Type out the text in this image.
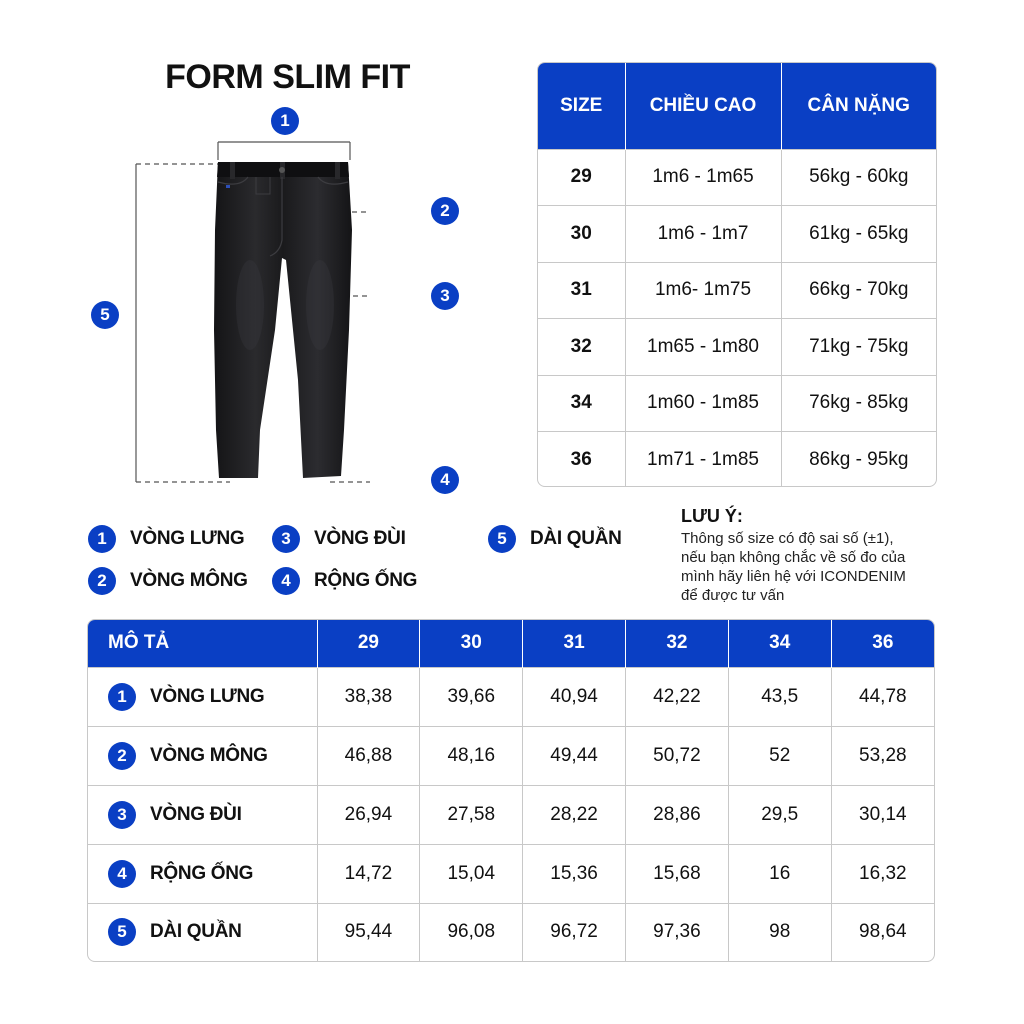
FORM SLIM FIT
1
2
3
4
5
SIZE	CHIỀU CAO	CÂN NẶNG
29	1m6 - 1m65	56kg - 60kg
30	1m6 - 1m7	61kg - 65kg
31	1m6- 1m75	66kg - 70kg
32	1m65 - 1m80	71kg - 75kg
34	1m60 - 1m85	76kg - 85kg
36	1m71 - 1m85	86kg - 95kg
1	VÒNG LƯNG
2	VÒNG MÔNG
3	VÒNG ĐÙI
4	RỘNG ỐNG
5	DÀI QUẦN
LƯU Ý:
Thông số size có độ sai số (±1),
nếu bạn không chắc về số đo của
mình hãy liên hệ với ICONDENIM
để được tư vấn
MÔ TẢ	29	30	31	32	34	36

1 VÒNG LƯNG	38,38	39,66	40,94	42,22	43,5	44,78

2 VÒNG MÔNG	46,88	48,16	49,44	50,72	52	53,28

3 VÒNG ĐÙI	26,94	27,58	28,22	28,86	29,5	30,14

4 RỘNG ỐNG	14,72	15,04	15,36	15,68	16	16,32

5 DÀI QUẦN	95,44	96,08	96,72	97,36	98	98,64
